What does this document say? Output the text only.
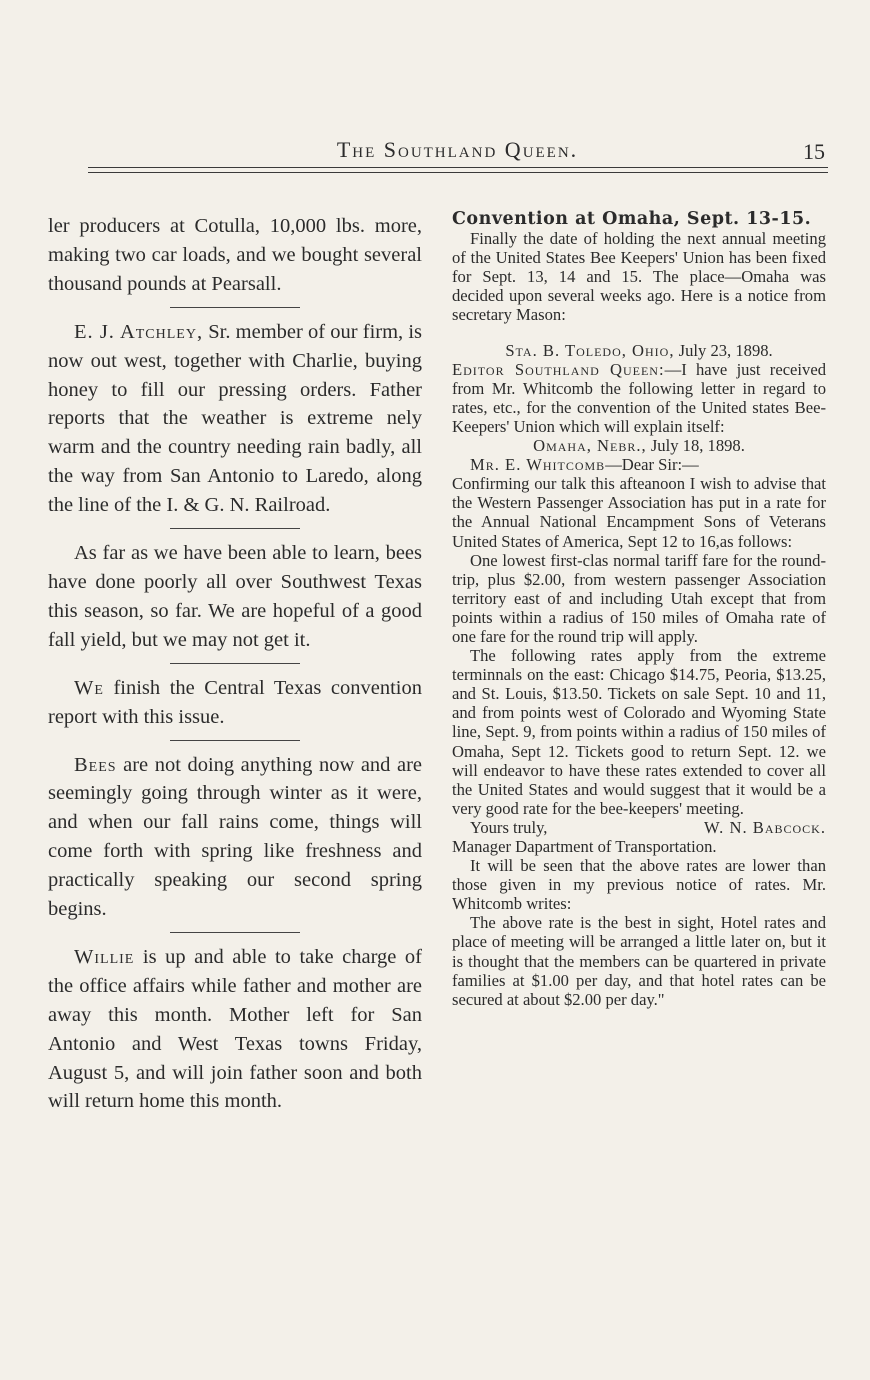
The Southland Queen.	15

ler producers at Cotulla, 10,000 lbs. more, making two car loads, and we bought several thousand pounds at Pearsall.

E. J. Atchley, Sr. member of our firm, is now out west, together with Charlie, buying honey to fill our pressing orders. Father reports that the weather is extreme nely warm and the country needing rain badly, all the way from San Antonio to Laredo, along the line of the I. & G. N. Railroad.

As far as we have been able to learn, bees have done poorly all over Southwest Texas this season, so far. We are hopeful of a good fall yield, but we may not get it.

We finish the Central Texas convention report with this issue.

Bees are not doing anything now and are seemingly going through winter as it were, and when our fall rains come, things will come forth with spring like freshness and practically speaking our second spring begins.

Willie is up and able to take charge of the office affairs while father and mother are away this month. Mother left for San Antonio and West Texas towns Friday, August 5, and will join father soon and both will return home this month.

Convention at Omaha, Sept. 13-15.

Finally the date of holding the next annual meeting of the United States Bee Keepers' Union has been fixed for Sept. 13, 14 and 15. The place—Omaha was decided upon several weeks ago. Here is a notice from secretary Mason:

Sta. B. Toledo, Ohio, July 23, 1898.

Editor Southland Queen:—I have just received from Mr. Whitcomb the following letter in regard to rates, etc., for the convention of the United states Bee-Keepers' Union which will explain itself:

Omaha, Nebr., July 18, 1898.

Mr. E. Whitcomb—Dear Sir:—

Confirming our talk this afteanoon I wish to advise that the Western Passenger Association has put in a rate for the Annual National Encampment Sons of Veterans United States of America, Sept 12 to 16,as follows:

One lowest first-clas normal tariff fare for the round-trip, plus $2.00, from western passenger Association territory east of and including Utah except that from points within a radius of 150 miles of Omaha rate of one fare for the round trip will apply.

The following rates apply from the extreme terminnals on the east: Chicago $14.75, Peoria, $13.25, and St. Louis, $13.50. Tickets on sale Sept. 10 and 11, and from points west of Colorado and Wyoming State line, Sept. 9, from points within a radius of 150 miles of Omaha, Sept 12. Tickets good to return Sept. 12. we will endeavor to have these rates extended to cover all the United States and would suggest that it would be a very good rate for the bee-keepers' meeting.

Yours truly,	W. N. Babcock.

Manager Dapartment of Transportation.

It will be seen that the above rates are lower than those given in my previous notice of rates. Mr. Whitcomb writes:

The above rate is the best in sight, Hotel rates and place of meeting will be arranged a little later on, but it is thought that the members can be quartered in private families at $1.00 per day, and that hotel rates can be secured at about $2.00 per day."
